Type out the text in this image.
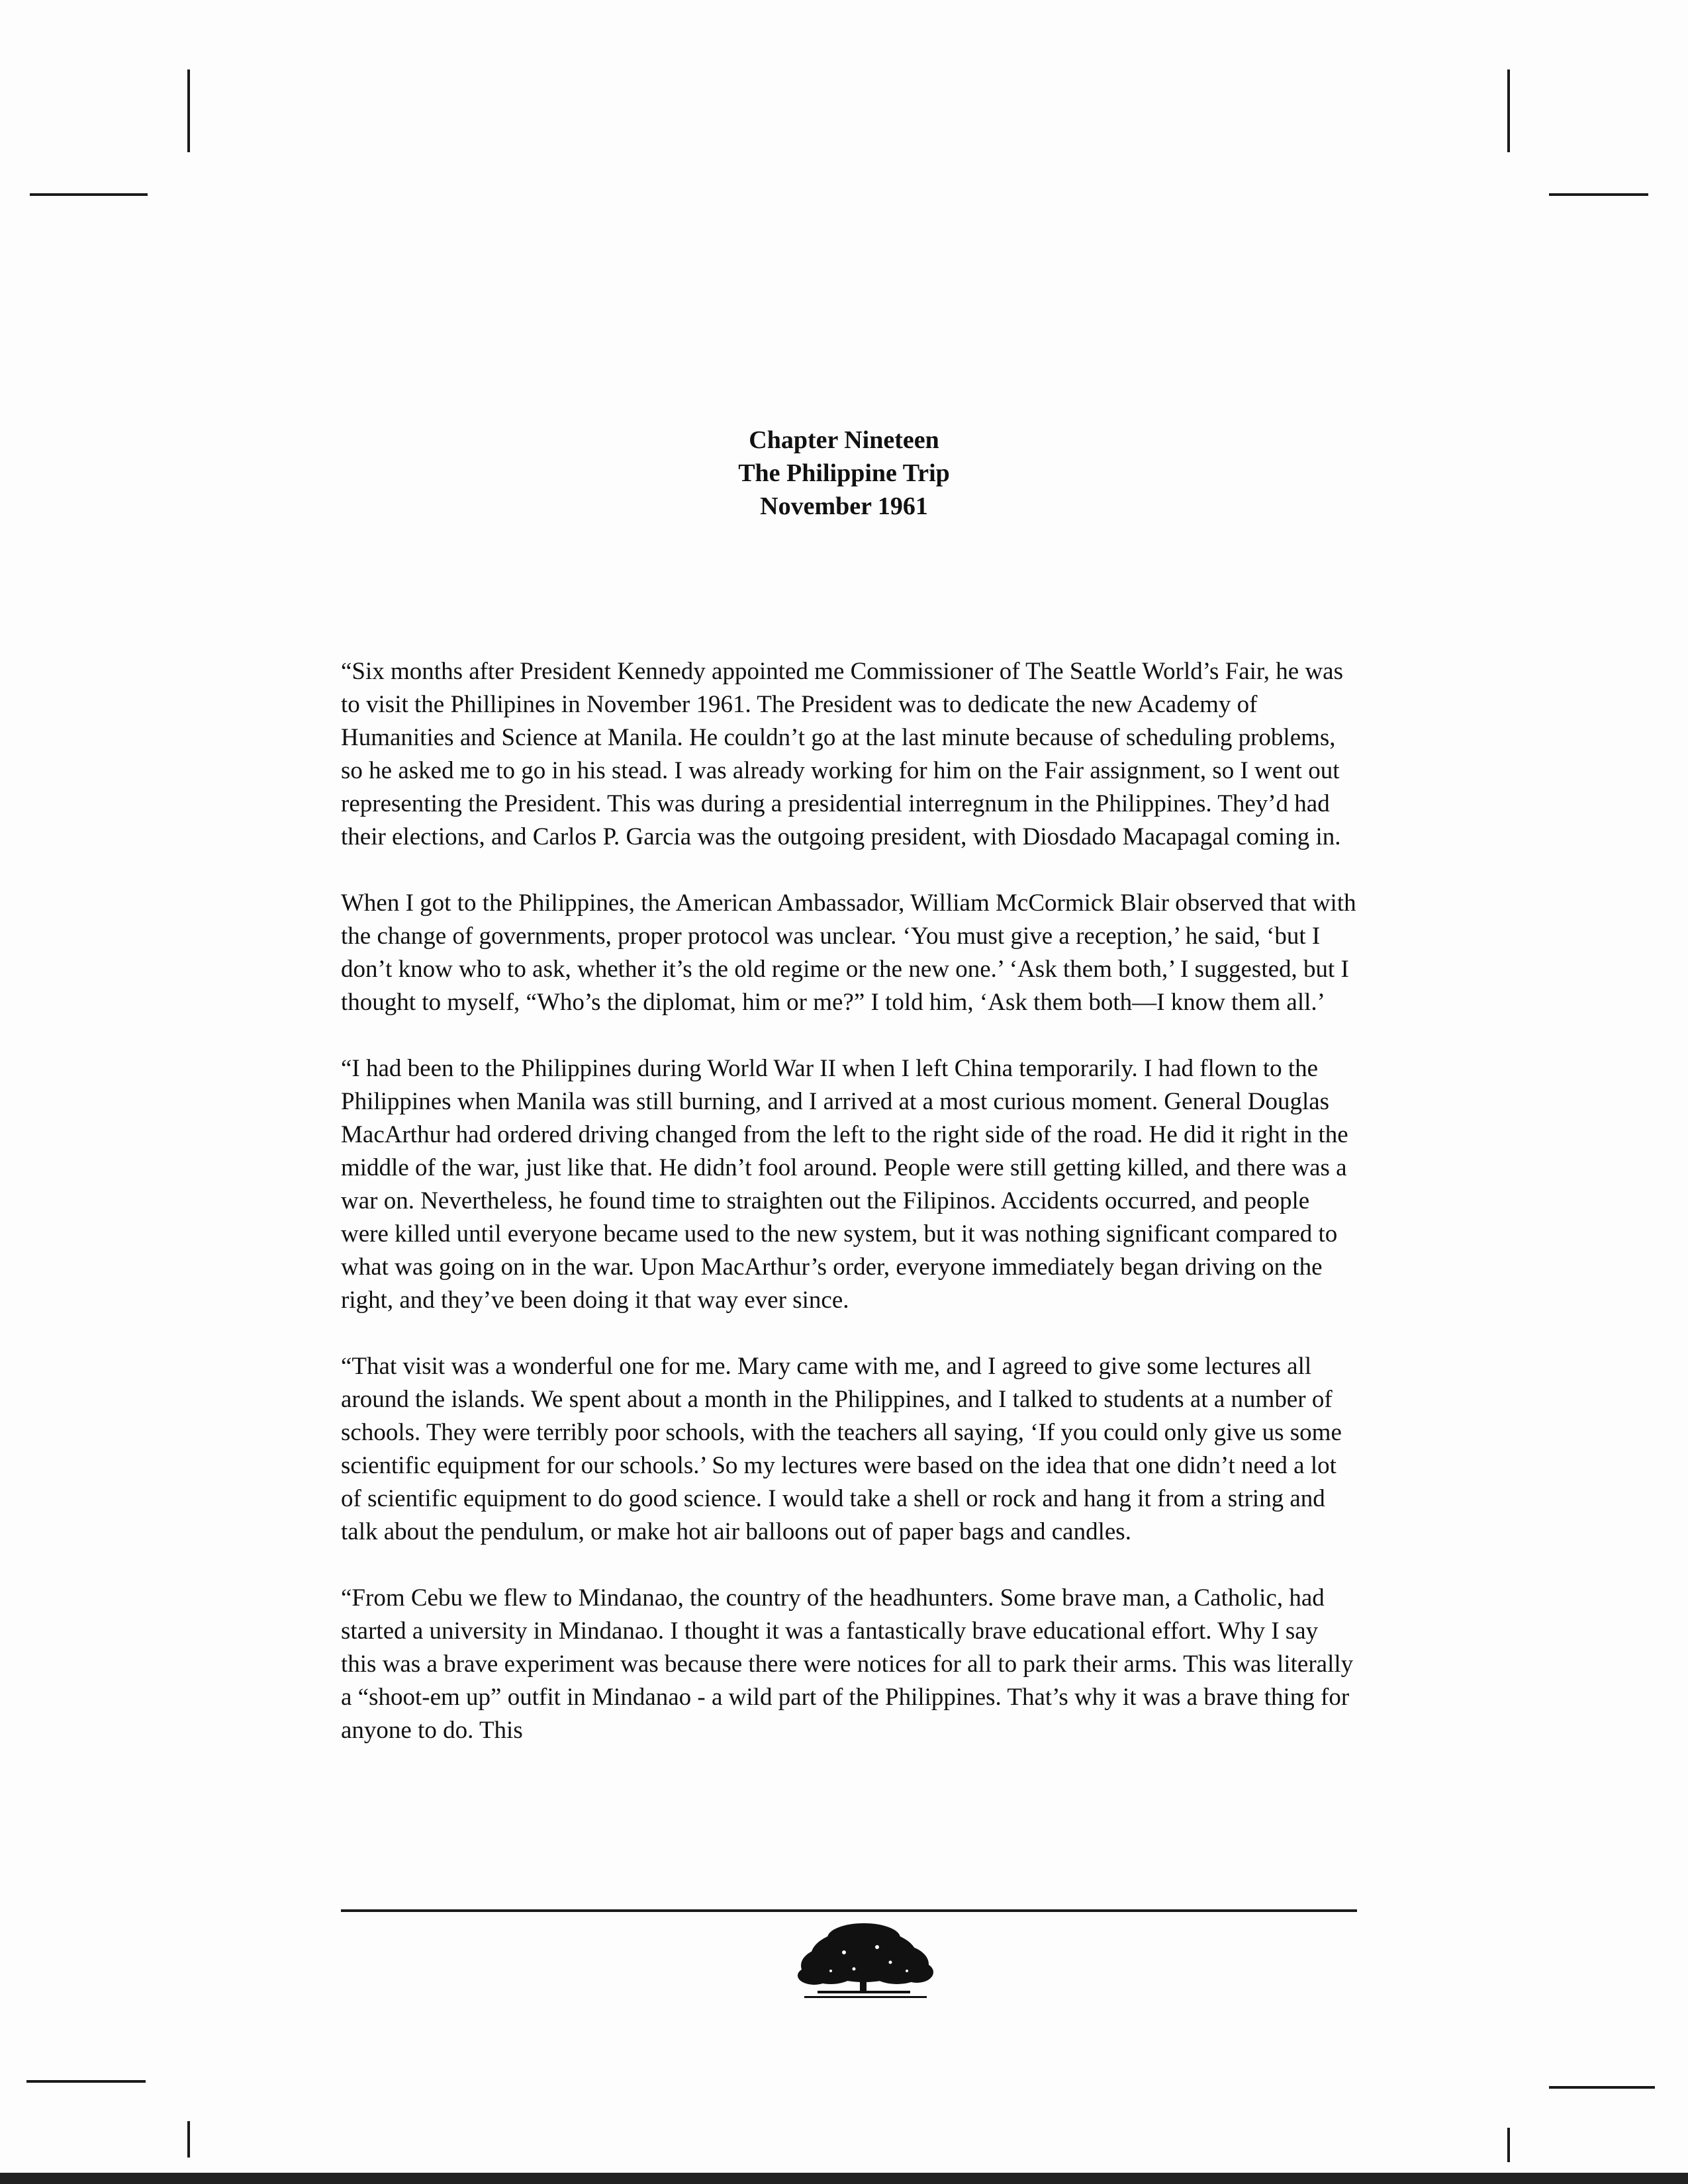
Chapter Nineteen
The Philippine Trip
November 1961

“Six months after President Kennedy appointed me Commissioner of The Seattle World’s Fair, he was to visit the Phillipines in November 1961. The President was to dedicate the new Academy of Humanities and Science at Manila. He couldn’t go at the last minute because of scheduling problems, so he asked me to go in his stead. I was already working for him on the Fair assignment, so I went out representing the President. This was during a presidential interregnum in the Philippines. They’d had their elections, and Carlos P. Garcia was the outgoing president, with Diosdado Macapagal coming in.

When I got to the Philippines, the American Ambassador, William McCormick Blair observed that with the change of governments, proper protocol was unclear. ‘You must give a reception,’ he said, ‘but I don’t know who to ask, whether it’s the old regime or the new one.’ ‘Ask them both,’ I suggested, but I thought to myself, “Who’s the diplomat, him or me?” I told him, ‘Ask them both—I know them all.’

“I had been to the Philippines during World War II when I left China temporarily. I had flown to the Philippines when Manila was still burning, and I arrived at a most curious moment. General Douglas MacArthur had ordered driving changed from the left to the right side of the road. He did it right in the middle of the war, just like that. He didn’t fool around. People were still getting killed, and there was a war on. Nevertheless, he found time to straighten out the Filipinos. Accidents occurred, and people were killed until everyone became used to the new system, but it was nothing significant compared to what was going on in the war. Upon MacArthur’s order, everyone immediately began driving on the right, and they’ve been doing it that way ever since.

“That visit was a wonderful one for me. Mary came with me, and I agreed to give some lectures all around the islands. We spent about a month in the Philippines, and I talked to students at a number of schools. They were terribly poor schools, with the teachers all saying, ‘If you could only give us some scientific equipment for our schools.’ So my lectures were based on the idea that one didn’t need a lot of scientific equipment to do good science. I would take a shell or rock and hang it from a string and talk about the pendulum, or make hot air balloons out of paper bags and candles.

“From Cebu we flew to Mindanao, the country of the headhunters. Some brave man, a Catholic, had started a university in Mindanao. I thought it was a fantastically brave educational effort. Why I say this was a brave experiment was because there were notices for all to park their arms. This was literally a “shoot-em up” outfit in Mindanao - a wild part of the Philippines. That’s why it was a brave thing for anyone to do. This
